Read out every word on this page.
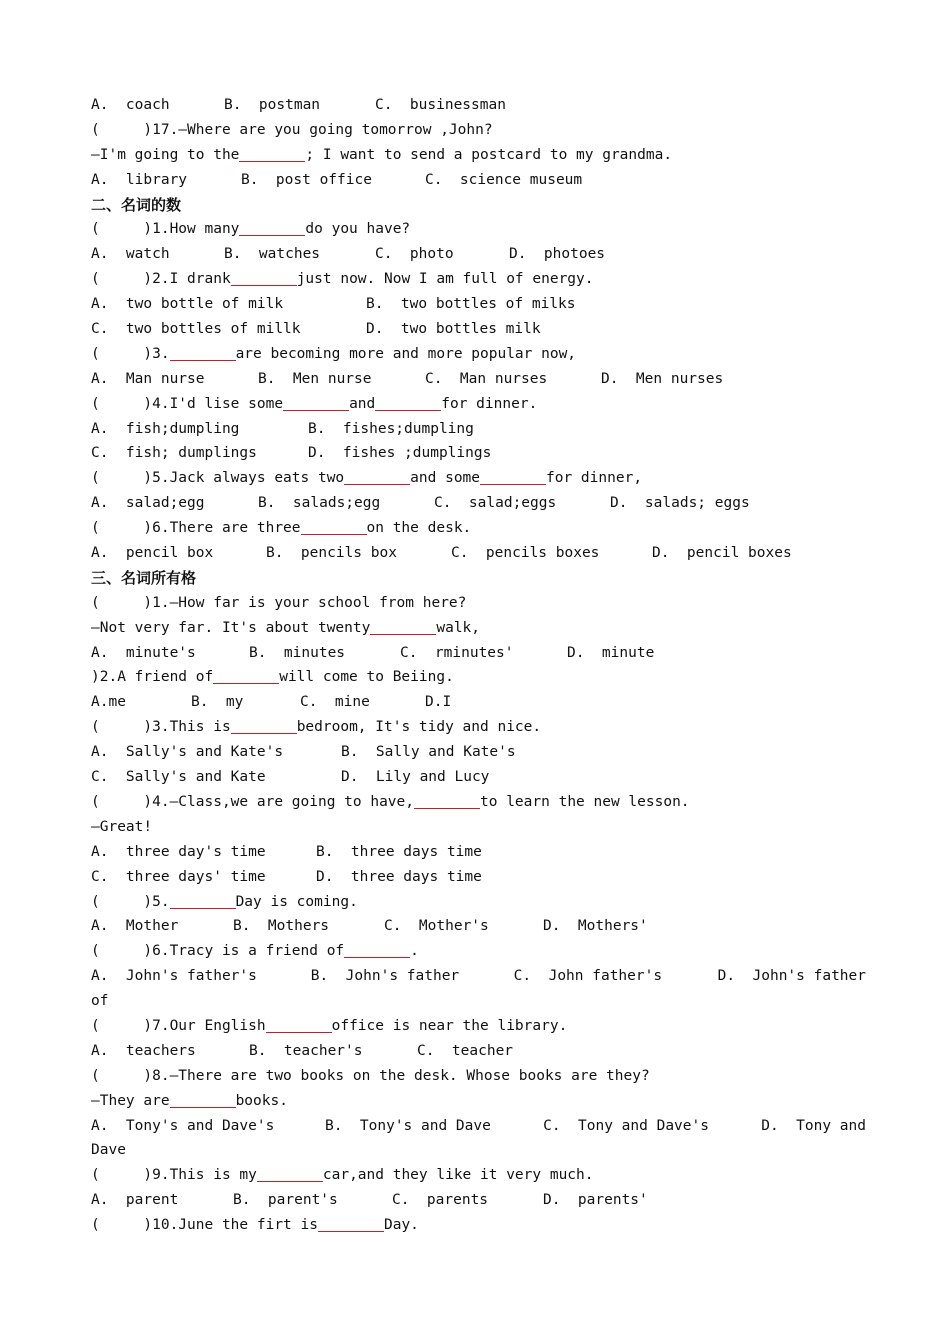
A.  coach	B.  postman	C.  businessman
(     )17.—Where are you going tomorrow ,John?
—I'm going to the	; I want to send a postcard to my grandma.
A.  library	B.  post office	C.  science museum
二、名词的数
(     )1.How many	do you have?
A.  watch	B.  watches	C.  photo	D.  photoes
(     )2.I drank	just now. Now I am full of energy.
A.  two bottle of milk	B.  two bottles of milks
C.  two bottles of millk	D.  two bottles milk
(     )3.	are becoming more and more popular now,
A.  Man nurse	B.  Men nurse	C.  Man nurses	D.  Men nurses
(     )4.I'd lise some	and	for dinner.
A.  fish;dumpling	B.  fishes;dumpling
C.  fish; dumplings	D.  fishes ;dumplings
(     )5.Jack always eats two	and some	for dinner,
A.  salad;egg	B.  salads;egg	C.  salad;eggs	D.  salads; eggs
(     )6.There are three	on the desk.
A.  pencil box	B.  pencils box	C.  pencils boxes	D.  pencil boxes
三、名词所有格
(     )1.—How far is your school from here?
—Not very far. It's about twenty	walk,
A.  minute's	B.  minutes	C.  rminutes'	D.  minute
)2.A friend of	will come to Beiing.
A.me	B.  my	C.  mine	D.I
(     )3.This is	bedroom, It's tidy and nice.
A.  Sally's and Kate's	B.  Sally and Kate's
C.  Sally's and Kate	D.  Lily and Lucy
(     )4.—Class,we are going to have,	to learn the new lesson.
—Great!
A.  three day's time	B.  three days time
C.  three days' time	D.  three days time
(     )5.	Day is coming.
A.  Mother	B.  Mothers	C.  Mother's	D.  Mothers'
(     )6.Tracy is a friend of	.
A.  John's father's	B.  John's father	C.  John father's	D.  John's father
of
(     )7.Our English	office is near the library.
A.  teachers	B.  teacher's	C.  teacher
(     )8.—There are two books on the desk. Whose books are they?
—They are	books.
A.  Tony's and Dave's	B.  Tony's and Dave	C.  Tony and Dave's	D.  Tony and
Dave
(     )9.This is my	car,and they like it very much.
A.  parent	B.  parent's	C.  parents	D.  parents'
(     )10.June the firt is	Day.
